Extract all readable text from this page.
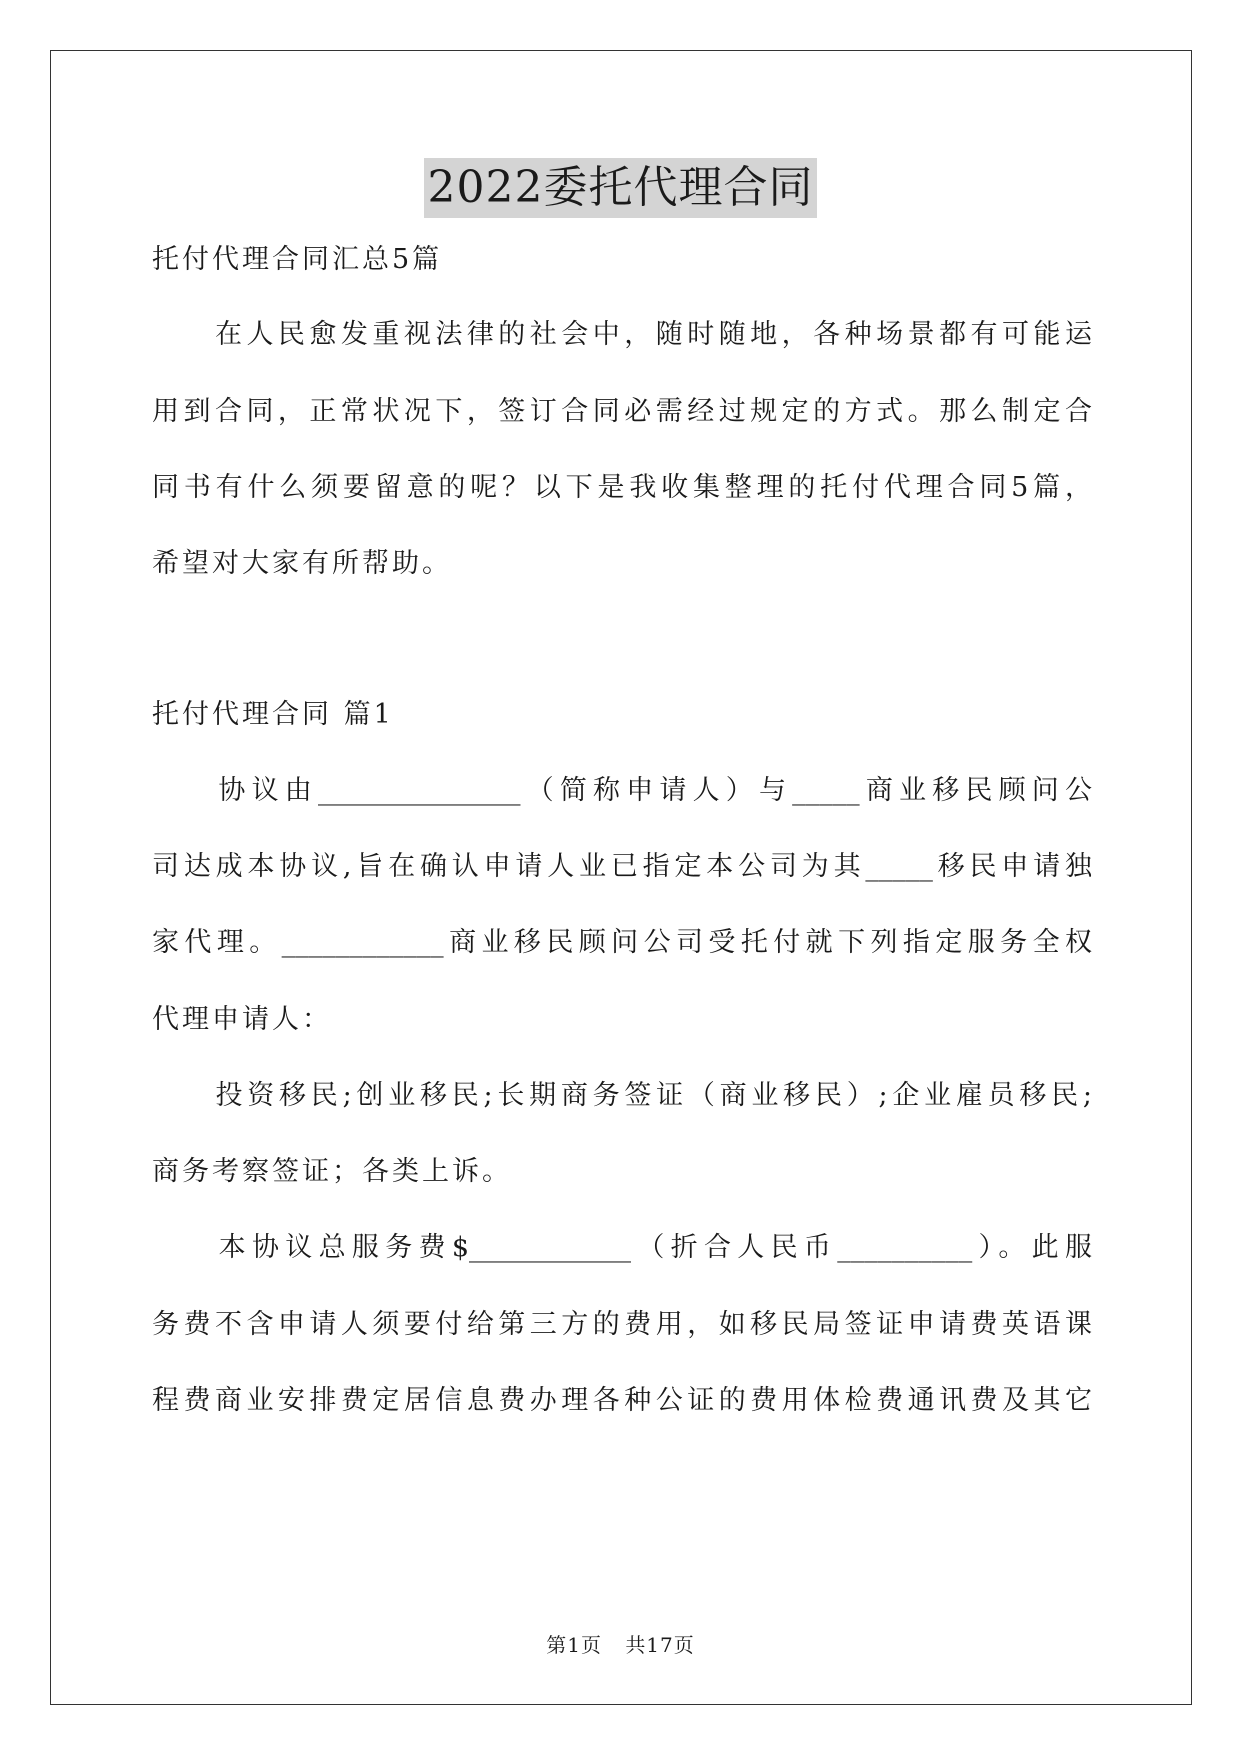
2022委托代理合同
托付代理合同汇总5篇
　　在人民愈发重视法律的社会中，随时随地，各种场景都有可能运
用到合同，正常状况下，签订合同必需经过规定的方式。那么制定合
同书有什么须要留意的呢？以下是我收集整理的托付代理合同5篇，
希望对大家有所帮助。
托付代理合同 篇1
　　协议由_______________（简称申请人）与_____商业移民顾问公
司达成本协议,旨在确认申请人业已指定本公司为其_____移民申请独
家代理。____________商业移民顾问公司受托付就下列指定服务全权
代理申请人：
　　投资移民;创业移民;长期商务签证（商业移民）;企业雇员移民;
商务考察签证；各类上诉。
　　本协议总服务费$____________（折合人民币__________）。此服
务费不含申请人须要付给第三方的费用，如移民局签证申请费英语课
程费商业安排费定居信息费办理各种公证的费用体检费通讯费及其它
第1页 共17页
